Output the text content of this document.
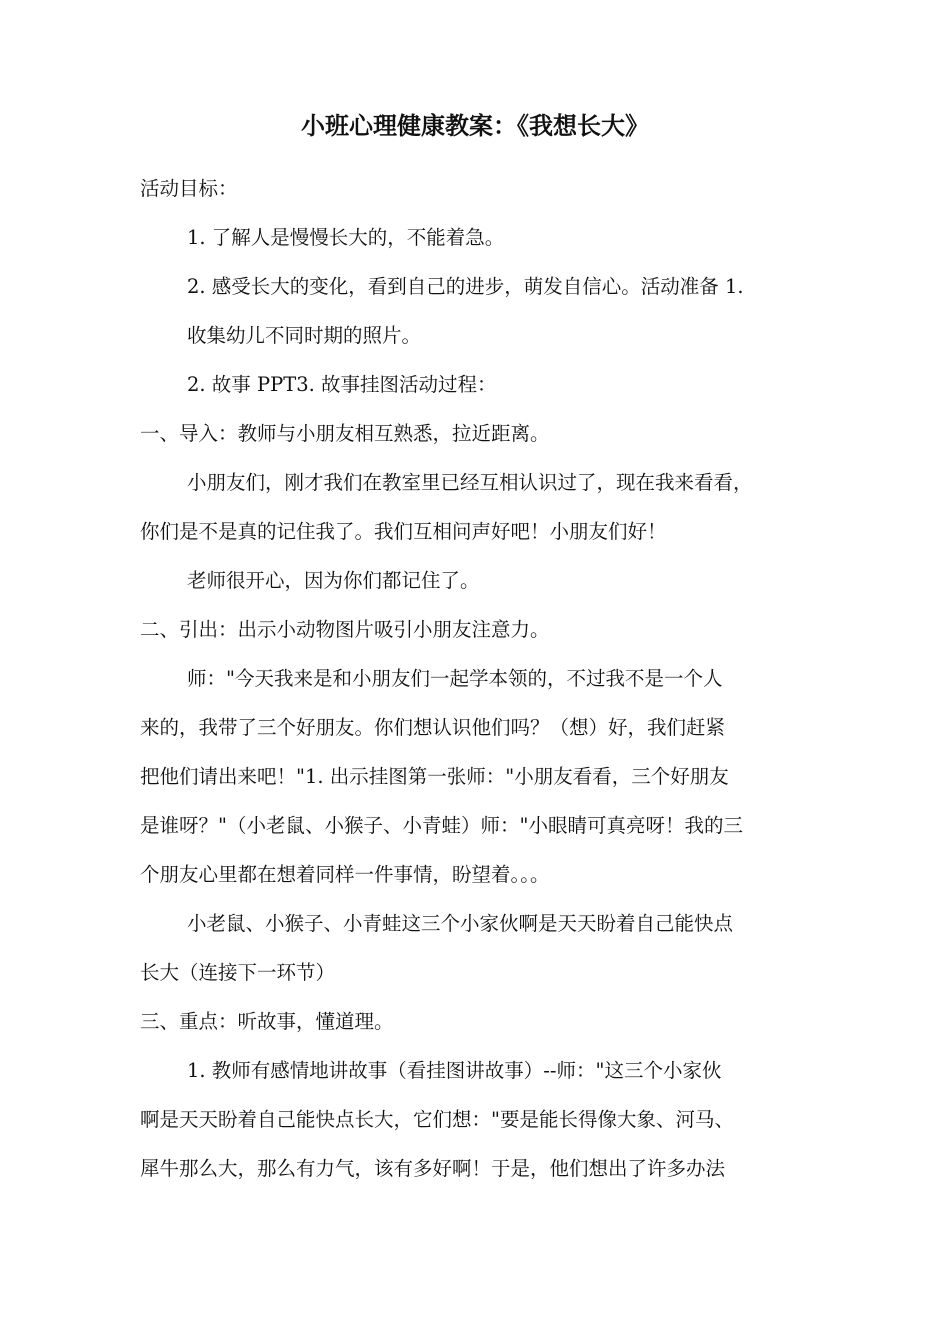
小班心理健康教案：《我想长大》

活动目标：

1. 了解人是慢慢长大的，不能着急。

2. 感受长大的变化，看到自己的进步，萌发自信心。活动准备 1.

收集幼儿不同时期的照片。

2. 故事 PPT3. 故事挂图活动过程：

一、导入：教师与小朋友相互熟悉，拉近距离。

小朋友们，刚才我们在教室里已经互相认识过了，现在我来看看，

你们是不是真的记住我了。我们互相问声好吧！小朋友们好！

老师很开心，因为你们都记住了。

二、引出：出示小动物图片吸引小朋友注意力。

师："今天我来是和小朋友们一起学本领的，不过我不是一个人

来的，我带了三个好朋友。你们想认识他们吗？（想）好，我们赶紧

把他们请出来吧！"1. 出示挂图第一张师："小朋友看看，三个好朋友

是谁呀？"（小老鼠、小猴子、小青蛙）师："小眼睛可真亮呀！我的三

个朋友心里都在想着同样一件事情，盼望着。。。

小老鼠、小猴子、小青蛙这三个小家伙啊是天天盼着自己能快点

长大（连接下一环节）

三、重点：听故事，懂道理。

1. 教师有感情地讲故事（看挂图讲故事）--师："这三个小家伙

啊是天天盼着自己能快点长大，它们想："要是能长得像大象、河马、

犀牛那么大，那么有力气，该有多好啊！于是，他们想出了许多办法
